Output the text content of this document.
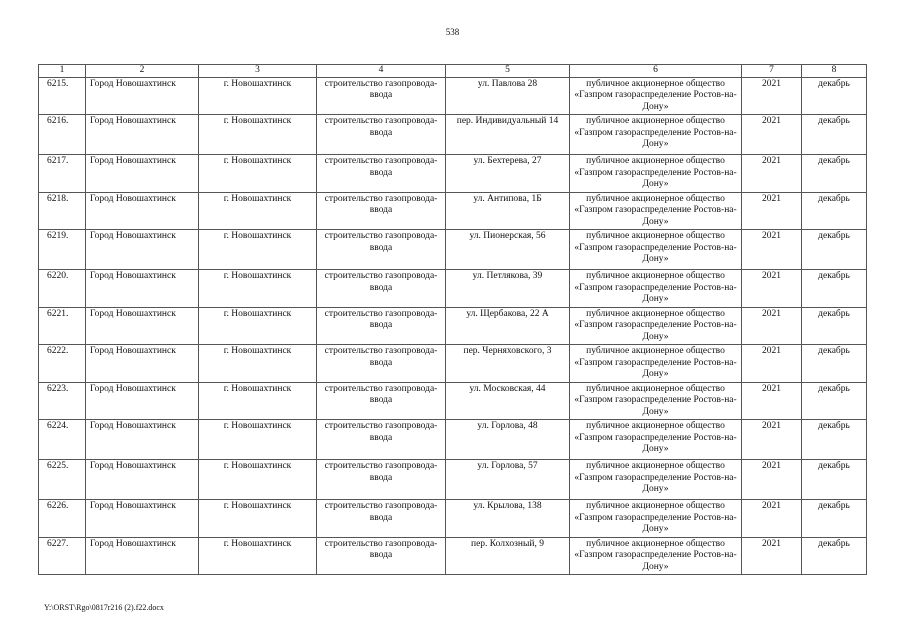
538
1	2	3	4	5	6	7	8
6215.	Город Новошахтинск	г. Новошахтинск	строительство газопровода-ввода	ул. Павлова 28	публичное акционерное общество «Газпром газораспределение Ростов-на-Дону»	2021	декабрь
6216.	Город Новошахтинск	г. Новошахтинск	строительство газопровода-ввода	пер. Индивидуальный 14	публичное акционерное общество «Газпром газораспределение Ростов-на-Дону»	2021	декабрь
6217.	Город Новошахтинск	г. Новошахтинск	строительство газопровода-ввода	ул. Бехтерева, 27	публичное акционерное общество «Газпром газораспределение Ростов-на-Дону»	2021	декабрь
6218.	Город Новошахтинск	г. Новошахтинск	строительство газопровода-ввода	ул. Антипова, 1Б	публичное акционерное общество «Газпром газораспределение Ростов-на-Дону»	2021	декабрь
6219.	Город Новошахтинск	г. Новошахтинск	строительство газопровода-ввода	ул. Пионерская, 56	публичное акционерное общество «Газпром газораспределение Ростов-на-Дону»	2021	декабрь
6220.	Город Новошахтинск	г. Новошахтинск	строительство газопровода-ввода	ул. Петлякова, 39	публичное акционерное общество «Газпром газораспределение Ростов-на-Дону»	2021	декабрь
6221.	Город Новошахтинск	г. Новошахтинск	строительство газопровода-ввода	ул. Щербакова, 22 А	публичное акционерное общество «Газпром газораспределение Ростов-на-Дону»	2021	декабрь
6222.	Город Новошахтинск	г. Новошахтинск	строительство газопровода-ввода	пер. Черняховского, 3	публичное акционерное общество «Газпром газораспределение Ростов-на-Дону»	2021	декабрь
6223.	Город Новошахтинск	г. Новошахтинск	строительство газопровода-ввода	ул. Московская, 44	публичное акционерное общество «Газпром газораспределение Ростов-на-Дону»	2021	декабрь
6224.	Город Новошахтинск	г. Новошахтинск	строительство газопровода-ввода	ул. Горлова, 48	публичное акционерное общество «Газпром газораспределение Ростов-на-Дону»	2021	декабрь
6225.	Город Новошахтинск	г. Новошахтинск	строительство газопровода-ввода	ул. Горлова, 57	публичное акционерное общество «Газпром газораспределение Ростов-на-Дону»	2021	декабрь
6226.	Город Новошахтинск	г. Новошахтинск	строительство газопровода-ввода	ул. Крылова, 138	публичное акционерное общество «Газпром газораспределение Ростов-на-Дону»	2021	декабрь
6227.	Город Новошахтинск	г. Новошахтинск	строительство газопровода-ввода	пер. Колхозный, 9	публичное акционерное общество «Газпром газораспределение Ростов-на-Дону»	2021	декабрь
Y:\ORST\Rgo\0817r216 (2).f22.docx
